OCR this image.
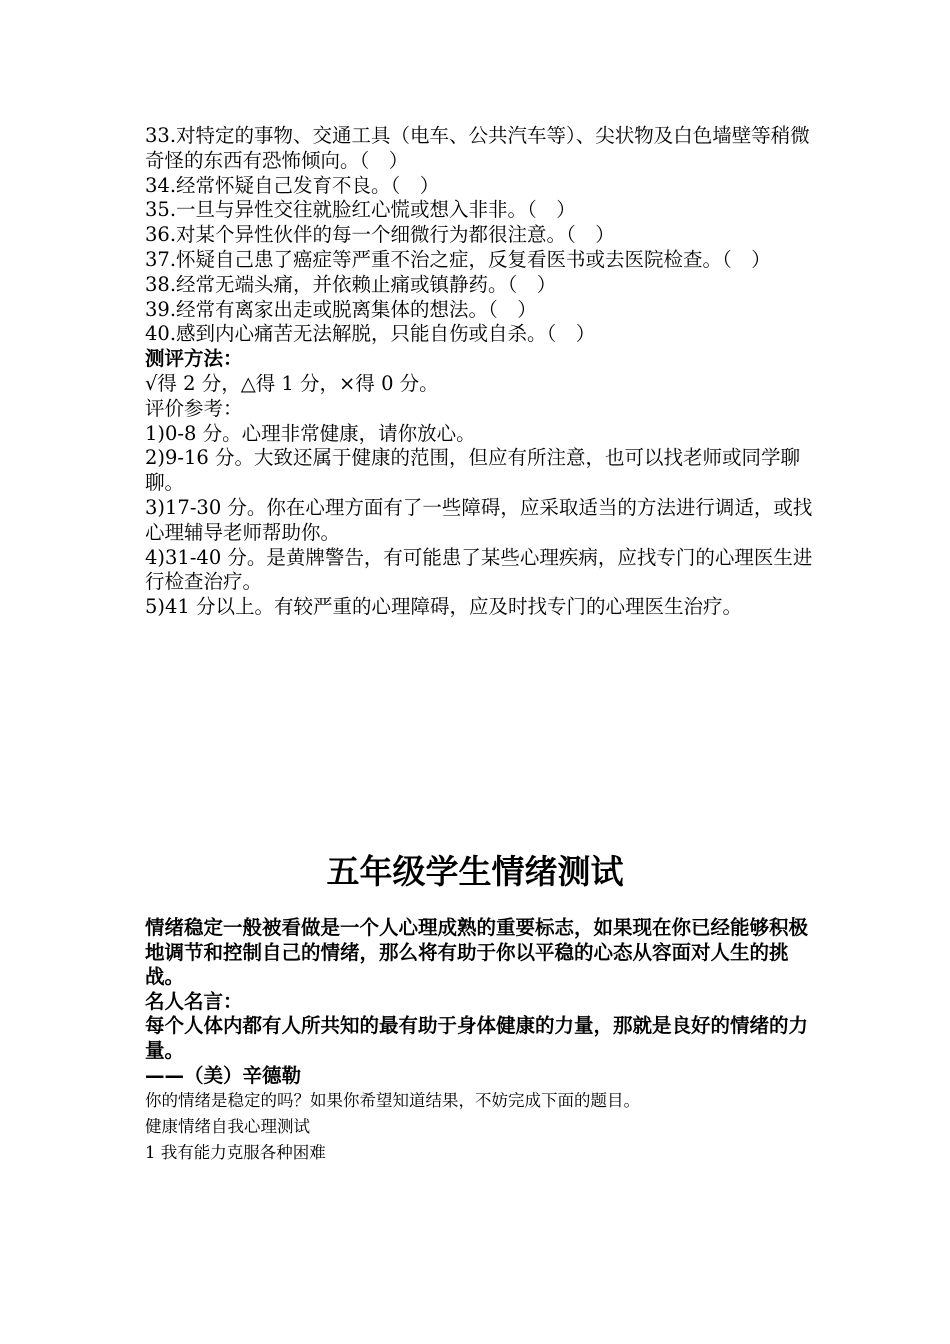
33.对特定的事物、交通工具（电车、公共汽车等）、尖状物及白色墙壁等稍微奇怪的东西有恐怖倾向。（　）

34.经常怀疑自己发育不良。（　）

35.一旦与异性交往就脸红心慌或想入非非。（　）

36.对某个异性伙伴的每一个细微行为都很注意。（　）

37.怀疑自己患了癌症等严重不治之症，反复看医书或去医院检查。（　）

38.经常无端头痛，并依赖止痛或镇静药。（　）

39.经常有离家出走或脱离集体的想法。（　）

40.感到内心痛苦无法解脱，只能自伤或自杀。（　）

测评方法：

√得 2 分，△得 1 分，×得 0 分。

评价参考：

1)0-8 分。心理非常健康，请你放心。

2)9-16 分。大致还属于健康的范围，但应有所注意，也可以找老师或同学聊聊。

3)17-30 分。你在心理方面有了一些障碍，应采取适当的方法进行调适，或找心理辅导老师帮助你。

4)31-40 分。是黄牌警告，有可能患了某些心理疾病，应找专门的心理医生进行检查治疗。

5)41 分以上。有较严重的心理障碍，应及时找专门的心理医生治疗。

五年级学生情绪测试

情绪稳定一般被看做是一个人心理成熟的重要标志，如果现在你已经能够积极地调节和控制自己的情绪，那么将有助于你以平稳的心态从容面对人生的挑战。

名人名言：

每个人体内都有人所共知的最有助于身体健康的力量，那就是良好的情绪的力量。

——（美）辛德勒

你的情绪是稳定的吗？如果你希望知道结果，不妨完成下面的题目。

健康情绪自我心理测试

1 我有能力克服各种困难
